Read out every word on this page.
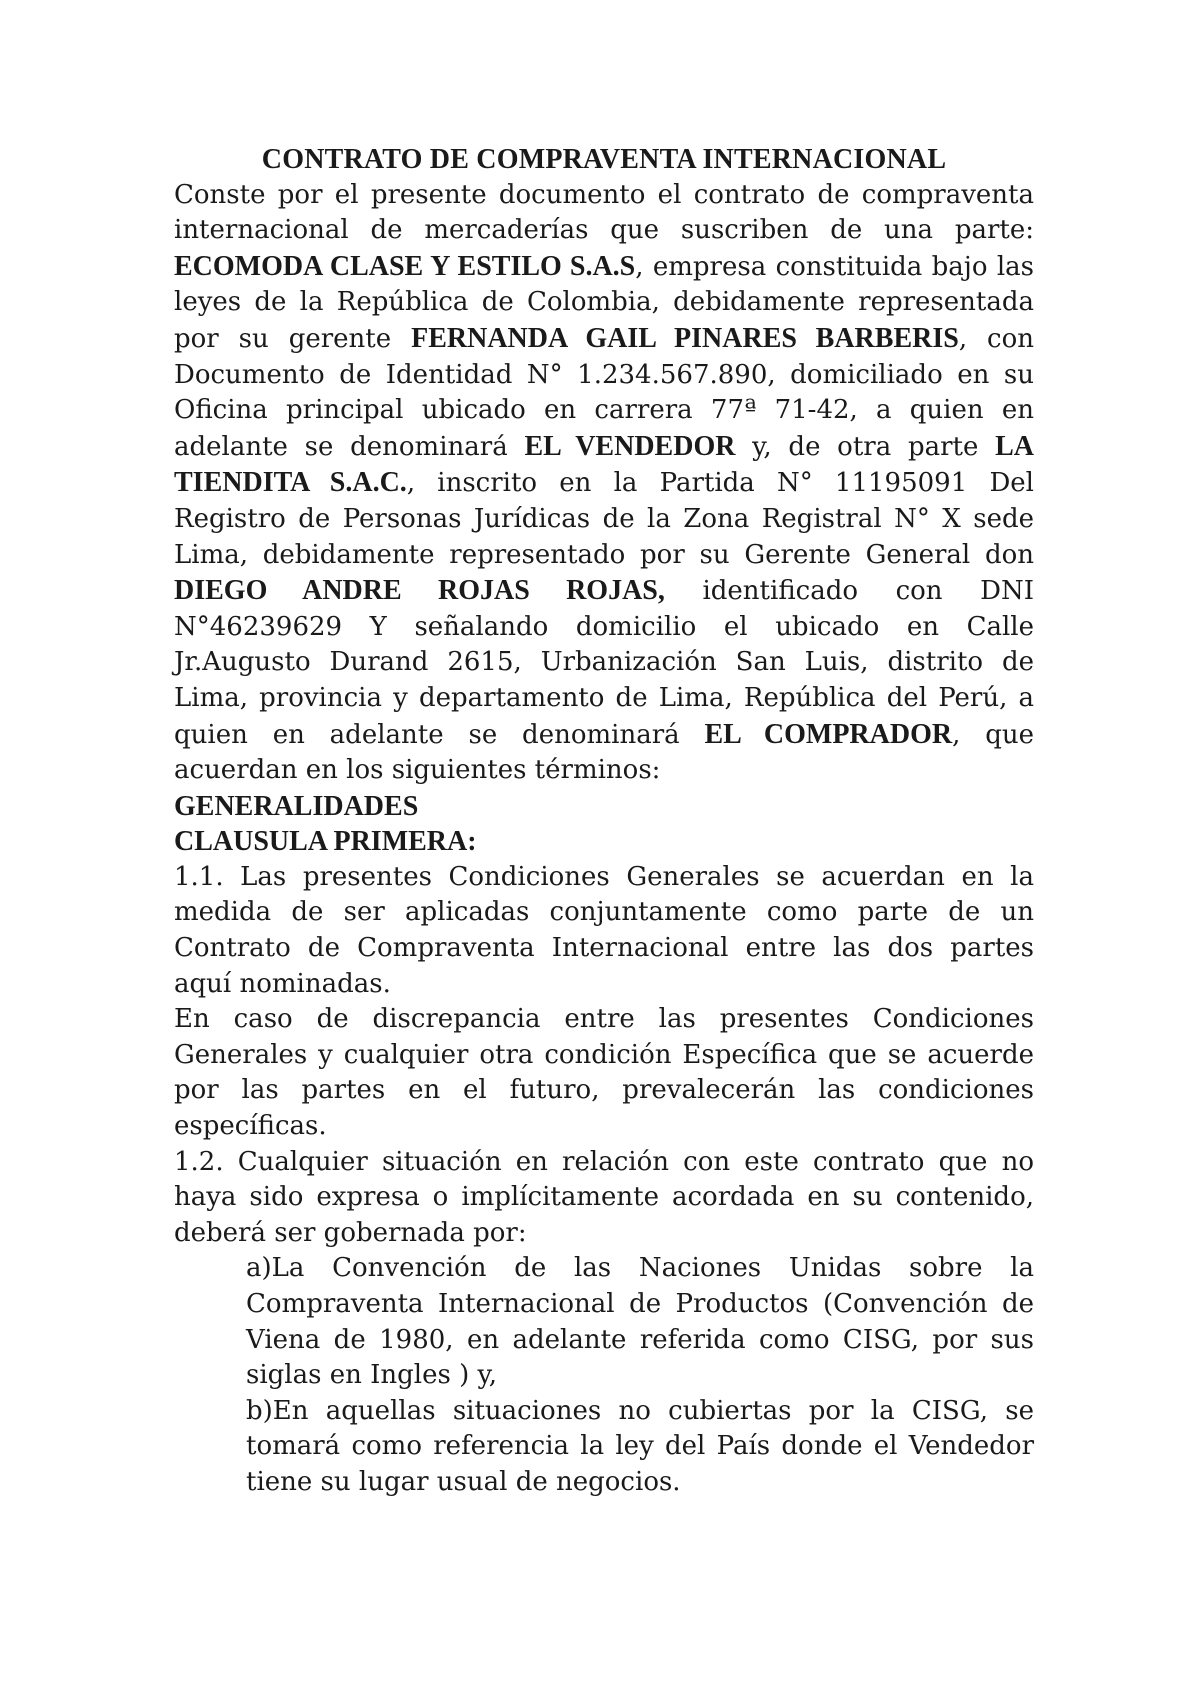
CONTRATO DE COMPRAVENTA INTERNACIONAL

Conste por el presente documento el contrato de compraventa internacional de mercaderías que suscriben de una parte: ECOMODA CLASE Y ESTILO S.A.S, empresa constituida bajo las leyes de la República de Colombia, debidamente representada por su gerente FERNANDA GAIL PINARES BARBERIS, con Documento de Identidad N° 1.234.567.890, domiciliado en su Oficina principal ubicado en carrera 77ª 71-42, a quien en adelante se denominará EL VENDEDOR y, de otra parte LA TIENDITA S.A.C., inscrito en la Partida N° 11195091 Del Registro de Personas Jurídicas de la Zona Registral N° X sede Lima, debidamente representado por su Gerente General don DIEGO ANDRE ROJAS ROJAS, identificado con DNI N°46239629 Y señalando domicilio el ubicado en Calle Jr.Augusto Durand 2615, Urbanización San Luis, distrito de Lima, provincia y departamento de Lima, República del Perú, a quien en adelante se denominará EL COMPRADOR, que acuerdan en los siguientes términos:

GENERALIDADES

CLAUSULA PRIMERA:

1.1. Las presentes Condiciones Generales se acuerdan en la medida de ser aplicadas conjuntamente como parte de un Contrato de Compraventa Internacional entre las dos partes aquí nominadas.

En caso de discrepancia entre las presentes Condiciones Generales y cualquier otra condición Específica que se acuerde por las partes en el futuro, prevalecerán las condiciones específicas.

1.2. Cualquier situación en relación con este contrato que no haya sido expresa o implícitamente acordada en su contenido, deberá ser gobernada por:

a)La Convención de las Naciones Unidas sobre la Compraventa Internacional de Productos (Convención de Viena de 1980, en adelante referida como CISG, por sus siglas en Ingles ) y,

b)En aquellas situaciones no cubiertas por la CISG, se tomará como referencia la ley del País donde el Vendedor tiene su lugar usual de negocios.
